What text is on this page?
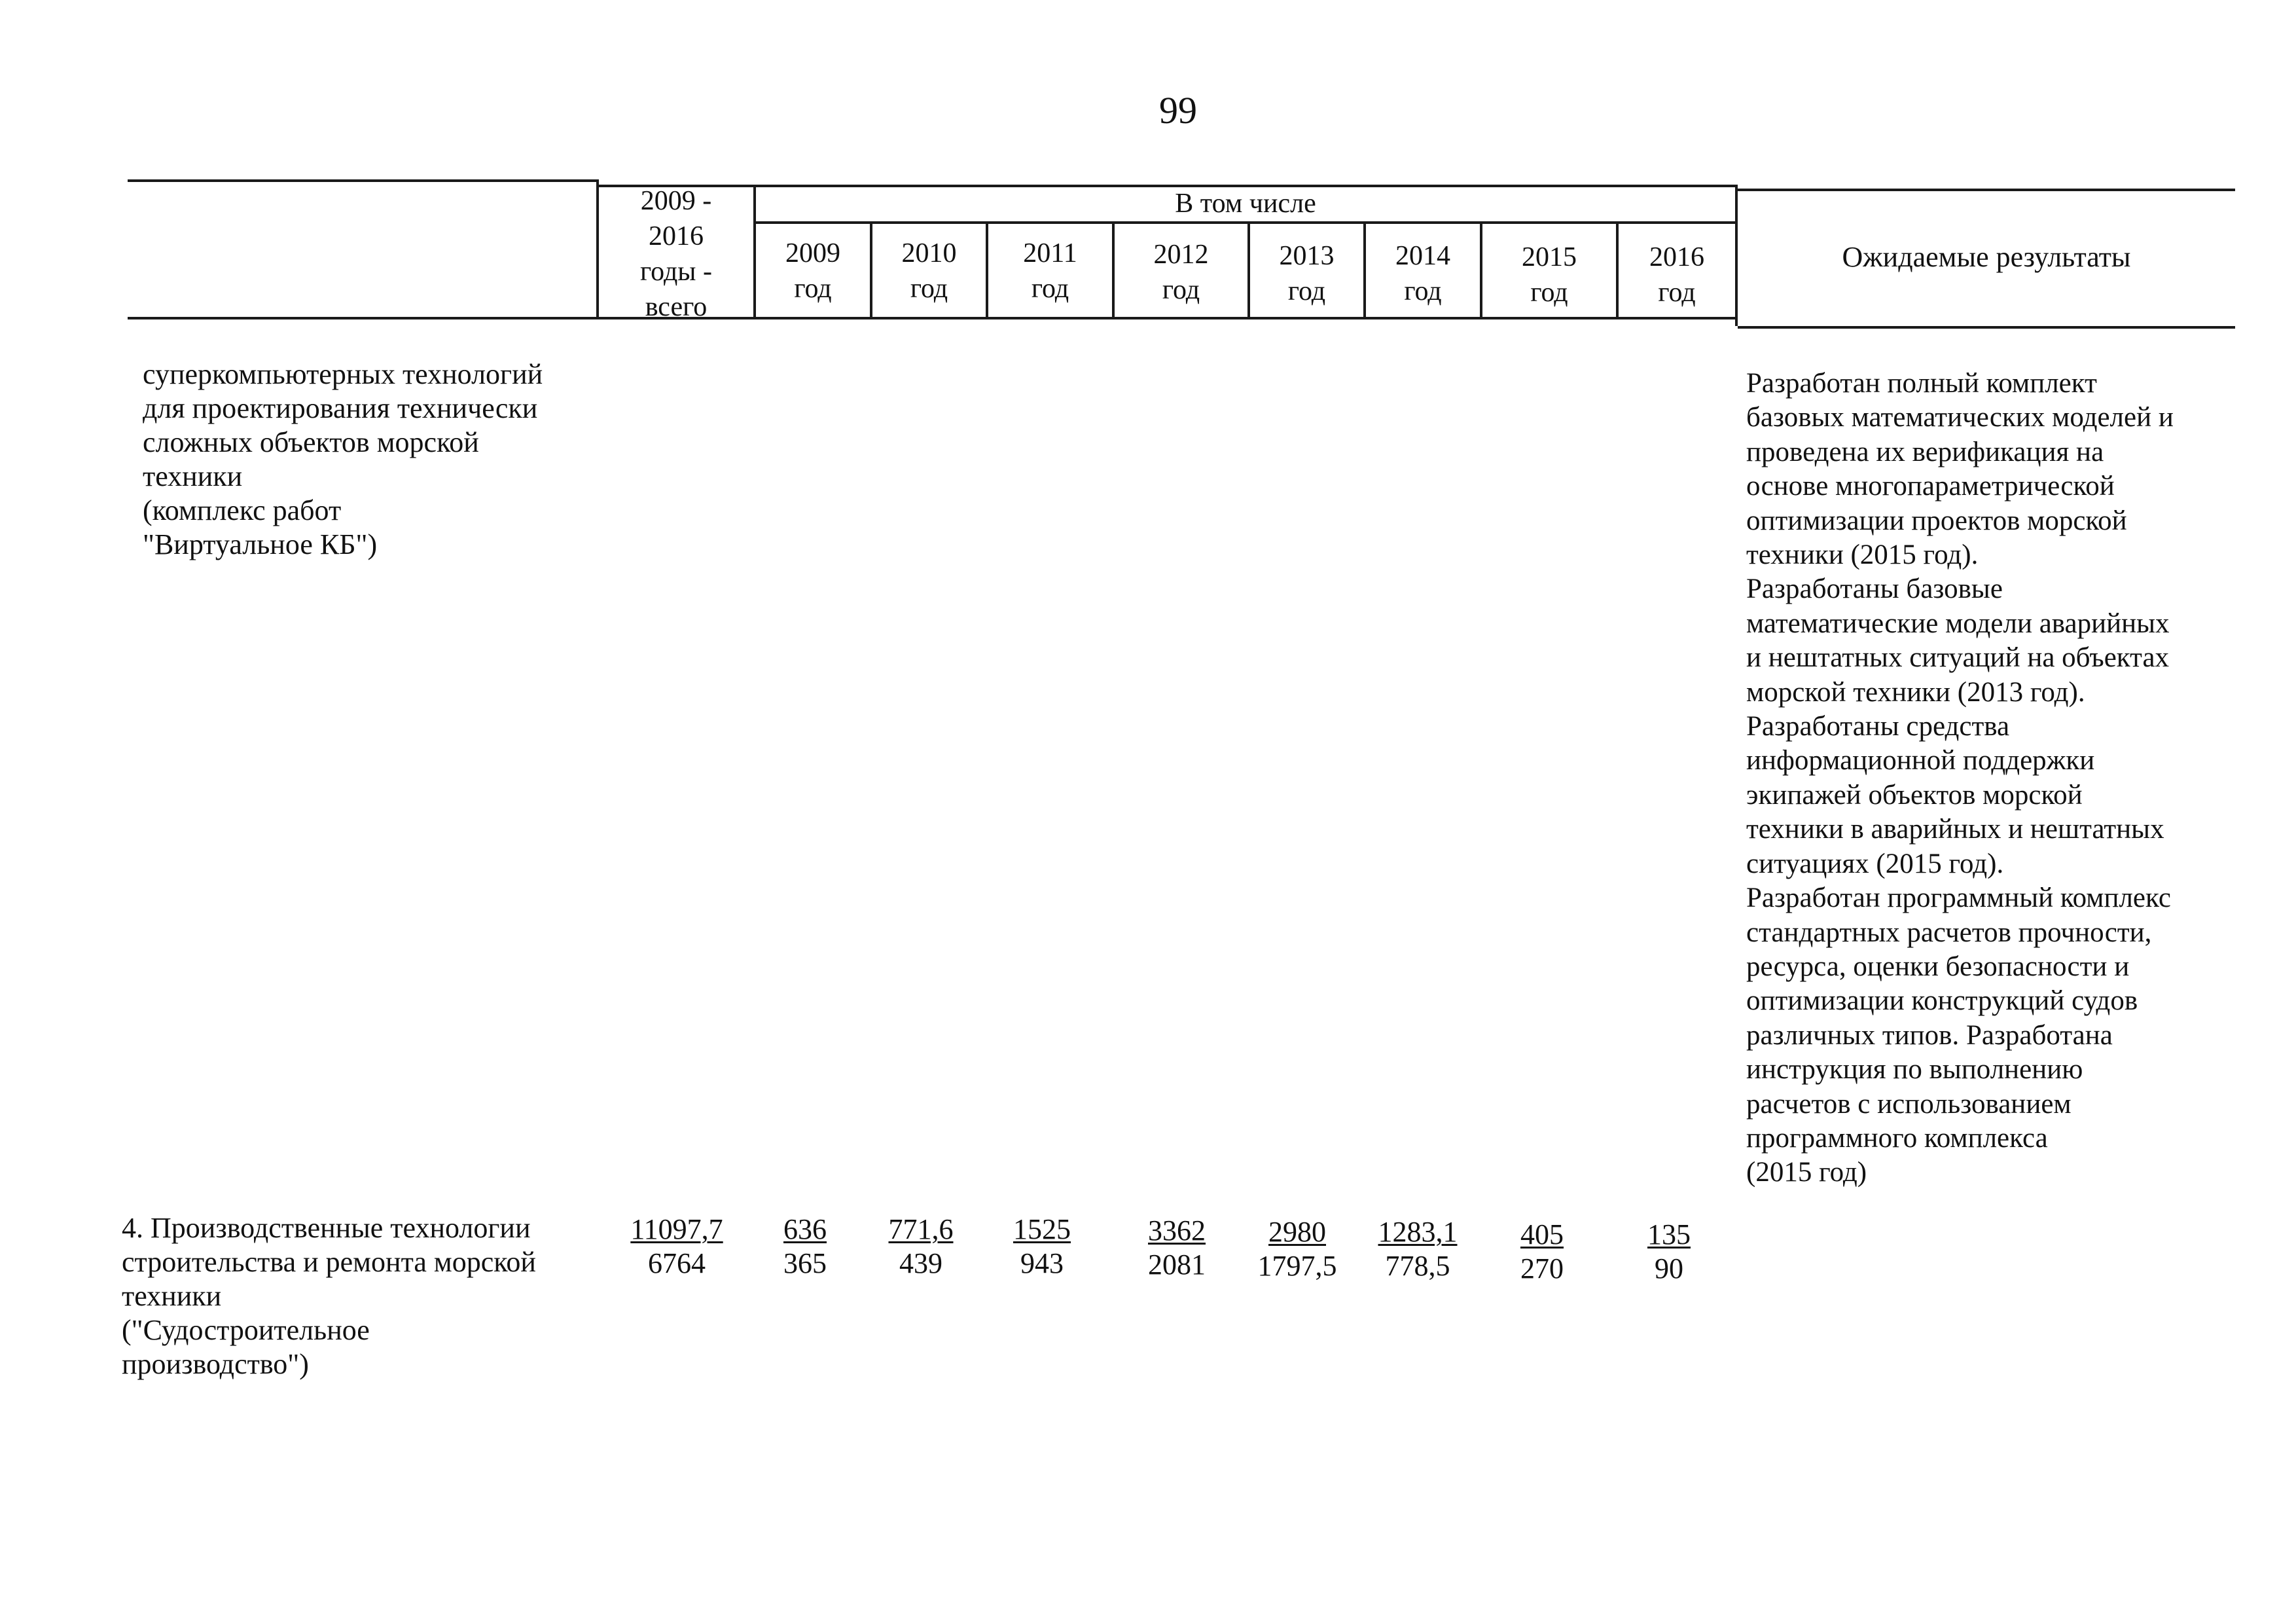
99
2009 -
2016
годы -
всего
В том числе
2009
год
2010
год
2011
год
2012
год
2013
год
2014
год
2015
год
2016
год
Ожидаемые результаты
суперкомпьютерных технологий
для проектирования технически
сложных объектов морской
техники
(комплекс работ
"Виртуальное КБ")
Разработан полный комплект
базовых математических моделей и
проведена их верификация на
основе многопараметрической
оптимизации проектов морской
техники (2015 год).
Разработаны базовые
математические модели аварийных
и нештатных ситуаций на объектах
морской техники (2013 год).
Разработаны средства
информационной поддержки
экипажей объектов морской
техники в аварийных и нештатных
ситуациях (2015 год).
Разработан программный комплекс
стандартных расчетов прочности,
ресурса, оценки безопасности и
оптимизации конструкций судов
различных типов. Разработана
инструкция по выполнению
расчетов с использованием
программного комплекса
(2015 год)
4. Производственные технологии
строительства и ремонта морской
техники
("Судостроительное
производство")
11097,7
6764
636
365
771,6
439
1525
943
3362
2081
2980
1797,5
1283,1
778,5
405
270
135
90
